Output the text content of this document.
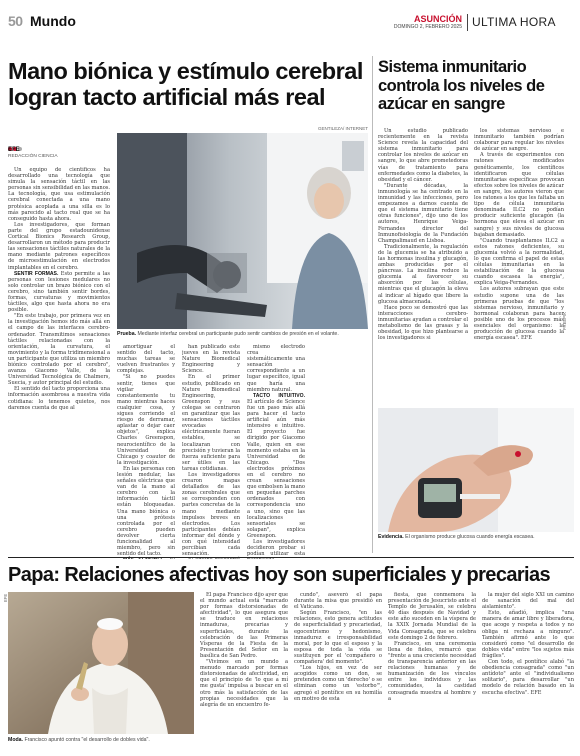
50 Mundo	ASUNCIÓN
DOMINGO 2, FEBRERO 2025 ULTIMA HORA
Mano biónica y estímulo cerebral logran tacto artificial más real
GENTILEZA/ INTERNET
EFE
REDACCIÓN CIENCIA

Un equipo de científicos ha desarrollado una tecnología que simula la sensación táctil en las personas sin sensibilidad en las manos. La tecnología, que usa estimulación cerebral conectada a una mano protésica acoplada a una silla es lo más parecido al tacto real que se ha conseguido hasta ahora.

Los investigadores, que forman parte del grupo estadounidense Cortical Bionics Research Group, desarrollaron un método para producir las sensaciones táctiles naturales de la mano mediante patrones específicos de microestimulación en electrodos implantables en el cerebro.

SENTIR FORMAS. Esto permite a las personas con lesiones medulares no solo controlar un brazo biónico con el cerebro, sino también sentir bordes, formas, curvaturas y movimientos táctiles, algo que hasta ahora no era posible.

"En este trabajo, por primera vez en la investigación hemos ido más allá en el campo de las interfaces cerebro-ordenador. Transmitimos sensaciones táctiles relacionadas con la orientación, la curvatura, el movimiento y la forma tridimensional a un participante que utiliza un miembro biónico controlado por el cerebro", avanza Giacomo Valle, de la Universidad Tecnológica de Chalmers, Suecia, y autor principal del estudio.

El sentido del tacto proporciona una información asombrosa a nuestra vida cotidiana: lo tenemos quietos, nos daremos cuenta de que al

Prueba. Mediante interfaz cerebral un participante pudo sentir cambios de presión en el volante.

amortiguar el sentido del tacto, muchas tareas se vuelven frustrantes y complejas.

"Si no puedes sentir, tienes que vigilar constantemente tu mano mientras haces cualquier cosa, y sigues corriendo el riesgo de derramar, aplastar o dejar caer objetos", explica Charles Greenspon, neurocientífico de la Universidad de Chicago y coautor de la investigación.

En las personas con lesión medular, las señales eléctricas que van de la mano al cerebro con la información táctil están bloqueadas. Una mano biónica o una prótesis controlada por el cerebro pueden devolver cierta funcionalidad al miembro, pero sin sentido del tacto.

han publicado este jueves en la revista Nature Biomedical Engineering y Science.

En el primer estudio, publicado en Nature Biomedical Engineering, Greenspon y sus colegas se centraron en garantizar que las sensaciones táctiles evocadas eléctricamente fueran estables, se localizaran con precisión y tuvieran la fuerza suficiente para ser útiles en las tareas cotidianas.

Los investigadores crearon mapas detallados de las zonas cerebrales que se corresponden con partes concretas de la mano mediante impulsos breves en electrodos. Los participantes debían informar del dónde y con qué intensidad percibían cada sensación.

mismo electrodo crea sistemáticamente una sensación correspondiente a un lugar específico, igual que haría una miembro natural.

TACTO INTUITIVO. El artículo de Science fue un paso más allá para hacer el tacto artificial aún más intensivo e intuitivo. El proyecto fue dirigido por Giacomo Valle, quien en ese momento estaba en la Universidad de Chicago. "Dos electrodos próximos en el cerebro no crean sensaciones que embolsen la mano en pequeñas parches ordenados con correspondencia uno a uno, sino que las localizaciones sensoriales se solapan", explica Greenspon.

Los investigadores decidieron probar si podían utilizar esta

Sistema inmunitario controla los niveles de azúcar en sangre

Un estudio publicado recientemente en la revista Science revela la capacidad del sistema inmunitario para controlar los niveles de azúcar en sangre, lo que abre prometedoras vías de tratamiento para enfermedades como la diabetes, la obesidad y el cáncer.

"Durante décadas, la inmunología se ha centrado en la inmunidad y las infecciones, pero empezamos a darnos cuenta de que el sistema inmunitario tiene otras funciones", dijo uno de los autores, Henrique Veiga-Fernandes director del Inmunofisiología de la Fundación Champalimaud en Lisboa.

Tradicionalmente, la regulación de la glucemia se ha atribuido a las hormonas insulina y glucagón, ambas producidas por el páncreas. La insulina reduce la glucemia al favorecer su absorción por las células, mientras que el glucagón la eleva al indicar al hígado que libere la glucosa almacenada.

Hace poco se demostró que las interacciones cerebro-inmunitarias ayudan a controlar el metabolismo de las grasas y la obesidad, lo que hizo plantearse a los investigadores si

los sistemas nervioso e inmunitario también podrían colaborar para regular los niveles de azúcar en sangre.

A través de experimentos con ratones modificados genéticamente, los científicos identificaron que células inmunitarias específicas provocan efectos sobre los niveles de azúcar en sangre, los autores vieron que los ratones a los que les faltaba un tipo de célula inmunitaria denominada ILC2 no podían producir suficiente glucagón (la hormona que eleva el azúcar en sangre) y sus niveles de glucosa bajaban demasiado.

"Cuando trasplantamos ILC2 a estos ratones deficientes, su glucemia volvió a la normalidad, lo que confirma el papel de estas células inmunitarias en la estabilización de la glucosa cuando escasea la energía", explica Veiga-Fernandes.

Los autores subrayan que este estudio supone una de las primeras pruebas de que "los sistemas nervioso, inmunitario y hormonal colaboran para hacer posible uno de los procesos más esenciales del organismo: la producción de glucosa cuando la energía escasea". EFE

FREEPIK
Evidencia. El organismo produce glucosa cuando energía escasea.
Papa: Relaciones afectivas hoy son superficiales y precarias
EFE
Moda. Francisco apuntó contra "el desarrollo de dobles vida".

El papa Francisco dijo ayer que el mundo actual está "marcado por formas distorsionadas de afectividad", lo que asegura que se traduce en relaciones inmaduras, precarias y superficiales, durante la celebración de las Primeras Vísperas de la Fiesta de la Presentación del Señor en la basílica de San Pedro.

"Vivimos en un mundo a menudo marcado por formas distorsionadas de afectividad, en que el principio de 'lo que a mí me gusta' impulsa a buscar en el otro más la satisfacción de las propias necesidades que la alegría de un encuentro fe-

cundo", aseveró el papa durante la misa que presidió en el Vaticano.

Según Francisco, "en las relaciones, esto genera actitudes de superficialidad y precariedad, egocentrismo y hedonismo, inmadurez e irresponsabilidad moral, por lo que el esposo y la esposa de toda la vida se sustituyen por el 'compañero o compañera' del momento".

"Los hijos, en vez de ser acogidos como un don, se pretenden como un 'derecho' o se eliminan como un 'estorbo'", agregó el pontífice en su homilía en motivo de esta

fiesta, que conmemora la presentación de Jesucristo ante el Templo de Jerusalén, se celebra 40 días después de Navidad y este año suceden en la víspera de la XXIX Jornada Mundial de la Vida Consagrada, que se celebra este domingo 2 de febrero.

Francisco, en una ceremonia llena de fieles, remarcó que "frente a una creciente necesidad de transparencia anterior en las relaciones humanas y de humanización de los vínculos entre los individuos y las comunidades, la castidad consagrada muestra al hombre y a

la mujer del siglo XXI un camino de sanación del mal del aislamiento".

Esto, añadió, implica "una manera de amar libre y liberadora, que acoge y respeta a todos y no obliga ni rechaza a ninguno". También afirmó ante lo que consideró como "el desarrollo de dobles vida" entre "los sujetos más frágiles".

Con todo, el pontífice alabó "la obediencia consagrada" como "un antídoto" ante el "individualismo solitario", para desarrollar "un modelo de relación basado en la escucha efectiva". EFE
